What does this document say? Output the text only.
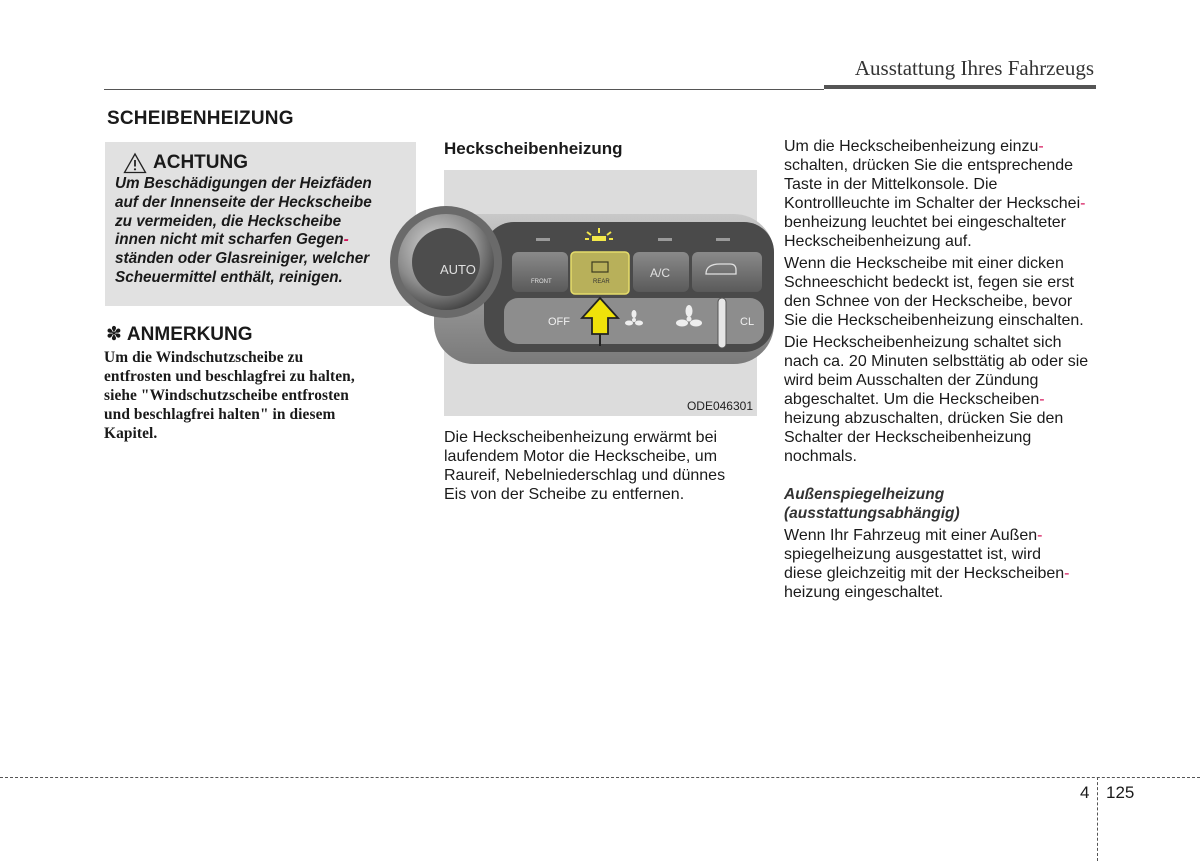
Ausstattung Ihres Fahrzeugs
SCHEIBENHEIZUNG
ACHTUNG
Um Beschädigungen der Heizfäden
auf der Innenseite der Heckscheibe
zu vermeiden, die Heckscheibe
innen nicht mit scharfen Gegen-
ständen oder Glasreiniger, welcher
Scheuermittel enthält, reinigen.
✽ ANMERKUNG
Um die Windschutzscheibe zu
entfrosten und beschlagfrei zu halten,
siehe "Windschutzscheibe entfrosten
und beschlagfrei halten" in diesem
Kapitel.
Heckscheibenheizung
AUTO
FRONT	REAR
A/C
OFF	CL
ODE046301
Die Heckscheibenheizung erwärmt bei
laufendem Motor die Heckscheibe, um
Raureif, Nebelniederschlag und dünnes
Eis von der Scheibe zu entfernen.

Um die Heckscheibenheizung einzu-
schalten, drücken Sie die entsprechende
Taste in der Mittelkonsole. Die
Kontrollleuchte im Schalter der Heckschei-
benheizung leuchtet bei eingeschalteter
Heckscheibenheizung auf.

Wenn die Heckscheibe mit einer dicken
Schneeschicht bedeckt ist, fegen sie erst
den Schnee von der Heckscheibe, bevor
Sie die Heckscheibenheizung einschalten.

Die Heckscheibenheizung schaltet sich
nach ca. 20 Minuten selbsttätig ab oder sie
wird beim Ausschalten der Zündung
abgeschaltet. Um die Heckscheiben-
heizung abzuschalten, drücken Sie den
Schalter der Heckscheibenheizung
nochmals.

Außenspiegelheizung
(ausstattungsabhängig)

Wenn Ihr Fahrzeug mit einer Außen-
spiegelheizung ausgestattet ist, wird
diese gleichzeitig mit der Heckscheiben-
heizung eingeschaltet.

4 125
